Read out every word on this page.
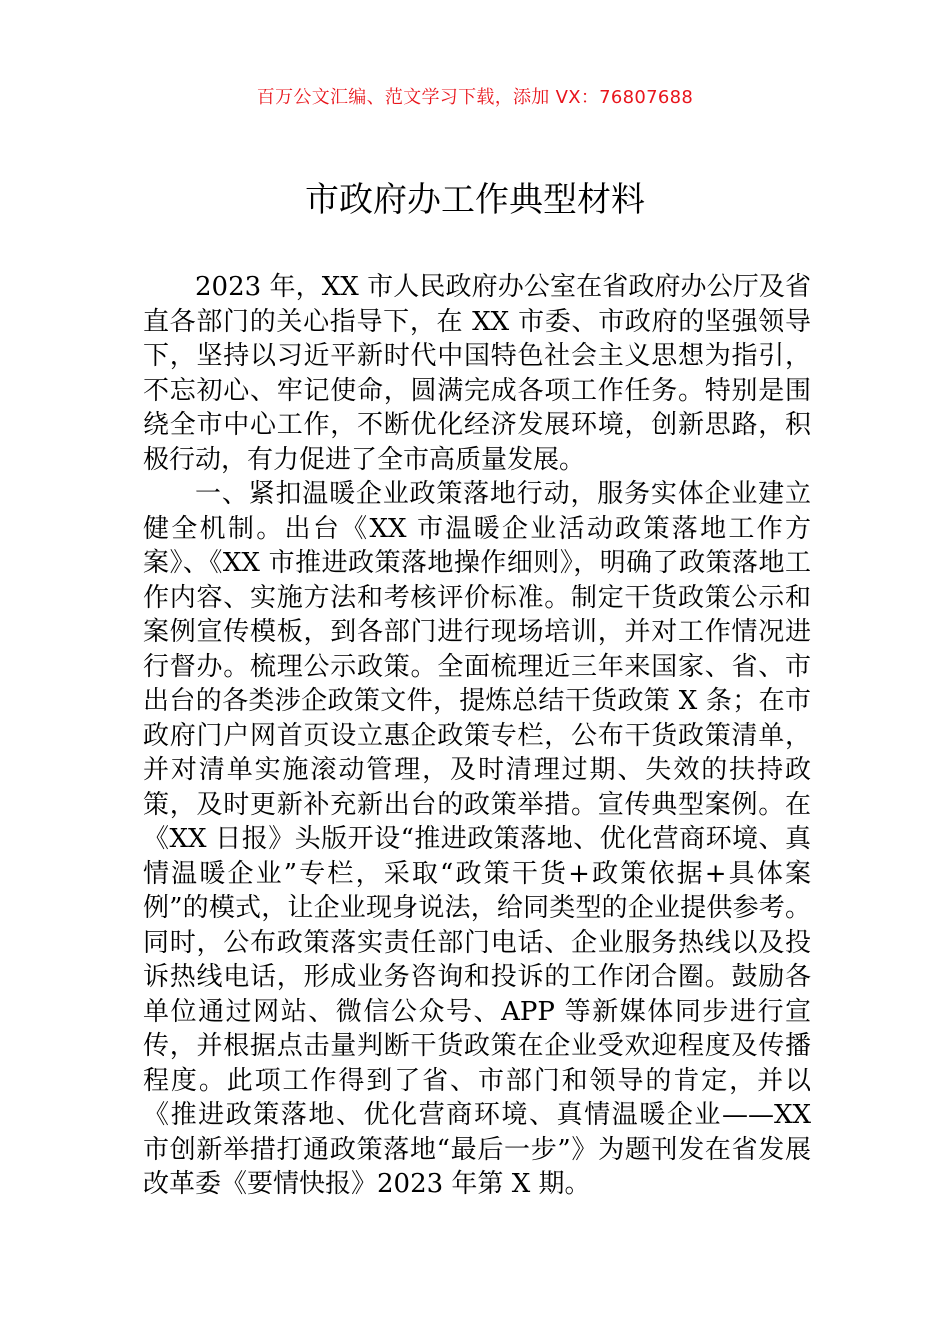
百万公文汇编、范文学习下载，添加 VX：76807688
市政府办工作典型材料

2023 年，XX 市人民政府办公室在省政府办公厅及省直各部门的关心指导下，在 XX 市委、市政府的坚强领导下，坚持以习近平新时代中国特色社会主义思想为指引，不忘初心、牢记使命，圆满完成各项工作任务。特别是围绕全市中心工作，不断优化经济发展环境，创新思路，积极行动，有力促进了全市高质量发展。

一、紧扣温暖企业政策落地行动，服务实体企业建立健全机制。出台《XX 市温暖企业活动政策落地工作方案》、《XX 市推进政策落地操作细则》，明确了政策落地工作内容、实施方法和考核评价标准。制定干货政策公示和案例宣传模板，到各部门进行现场培训，并对工作情况进行督办。梳理公示政策。全面梳理近三年来国家、省、市出台的各类涉企政策文件，提炼总结干货政策 X 条；在市政府门户网首页设立惠企政策专栏，公布干货政策清单，并对清单实施滚动管理，及时清理过期、失效的扶持政策，及时更新补充新出台的政策举措。宣传典型案例。在《XX 日报》头版开设“推进政策落地、优化营商环境、真情温暖企业”专栏，采取“政策干货+政策依据+具体案例”的模式，让企业现身说法，给同类型的企业提供参考。同时，公布政策落实责任部门电话、企业服务热线以及投诉热线电话，形成业务咨询和投诉的工作闭合圈。鼓励各单位通过网站、微信公众号、APP 等新媒体同步进行宣传，并根据点击量判断干货政策在企业受欢迎程度及传播程度。此项工作得到了省、市部门和领导的肯定，并以《推进政策落地、优化营商环境、真情温暖企业——XX 市创新举措打通政策落地“最后一步”》为题刊发在省发展改革委《要情快报》2023 年第 X 期。
